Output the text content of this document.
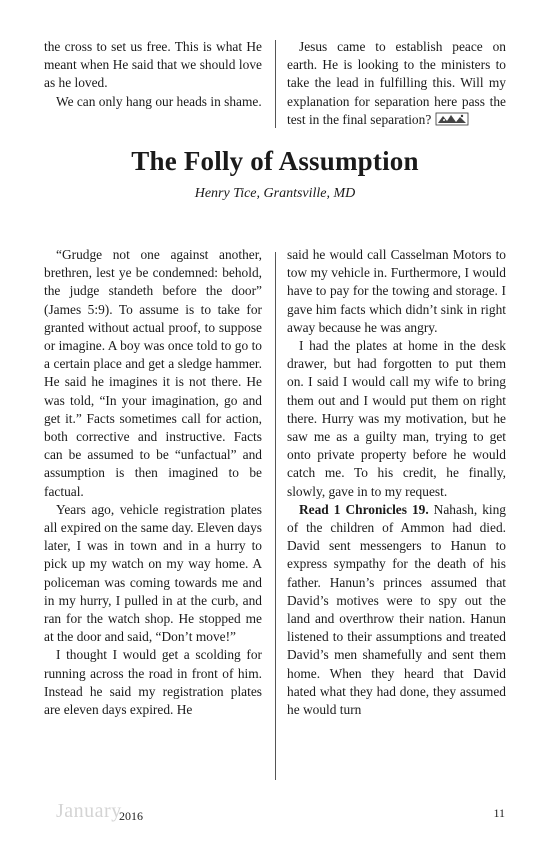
the cross to set us free. This is what He meant when He said that we should love as he loved.

We can only hang our heads in shame.

Jesus came to establish peace on earth. He is looking to the ministers to take the lead in fulfilling this. Will my explanation for separation here pass the test in the final separation?

The Folly of Assumption
Henry Tice, Grantsville, MD

“Grudge not one against another, brethren, lest ye be condemned: behold, the judge standeth before the door” (James 5:9). To assume is to take for granted without actual proof, to suppose or imagine. A boy was once told to go to a certain place and get a sledge hammer. He said he imagines it is not there. He was told, “In your imagination, go and get it.” Facts sometimes call for action, both corrective and instructive. Facts can be assumed to be “unfactual” and assumption is then imagined to be factual.

Years ago, vehicle registration plates all expired on the same day. Eleven days later, I was in town and in a hurry to pick up my watch on my way home. A policeman was coming towards me and in my hurry, I pulled in at the curb, and ran for the watch shop. He stopped me at the door and said, “Don’t move!”

I thought I would get a scolding for running across the road in front of him. Instead he said my registration plates are eleven days expired. He

said he would call Casselman Motors to tow my vehicle in. Furthermore, I would have to pay for the towing and storage. I gave him facts which didn’t sink in right away because he was angry.

I had the plates at home in the desk drawer, but had forgotten to put them on. I said I would call my wife to bring them out and I would put them on right there. Hurry was my motivation, but he saw me as a guilty man, trying to get onto private property before he would catch me. To his credit, he finally, slowly, gave in to my request.

Read 1 Chronicles 19. Nahash, king of the children of Ammon had died. David sent messengers to Hanun to express sympathy for the death of his father. Hanun’s princes assumed that David’s motives were to spy out the land and overthrow their nation. Hanun listened to their assumptions and treated David’s men shamefully and sent them home. When they heard that David hated what they had done, they assumed he would turn

January
2016	11
